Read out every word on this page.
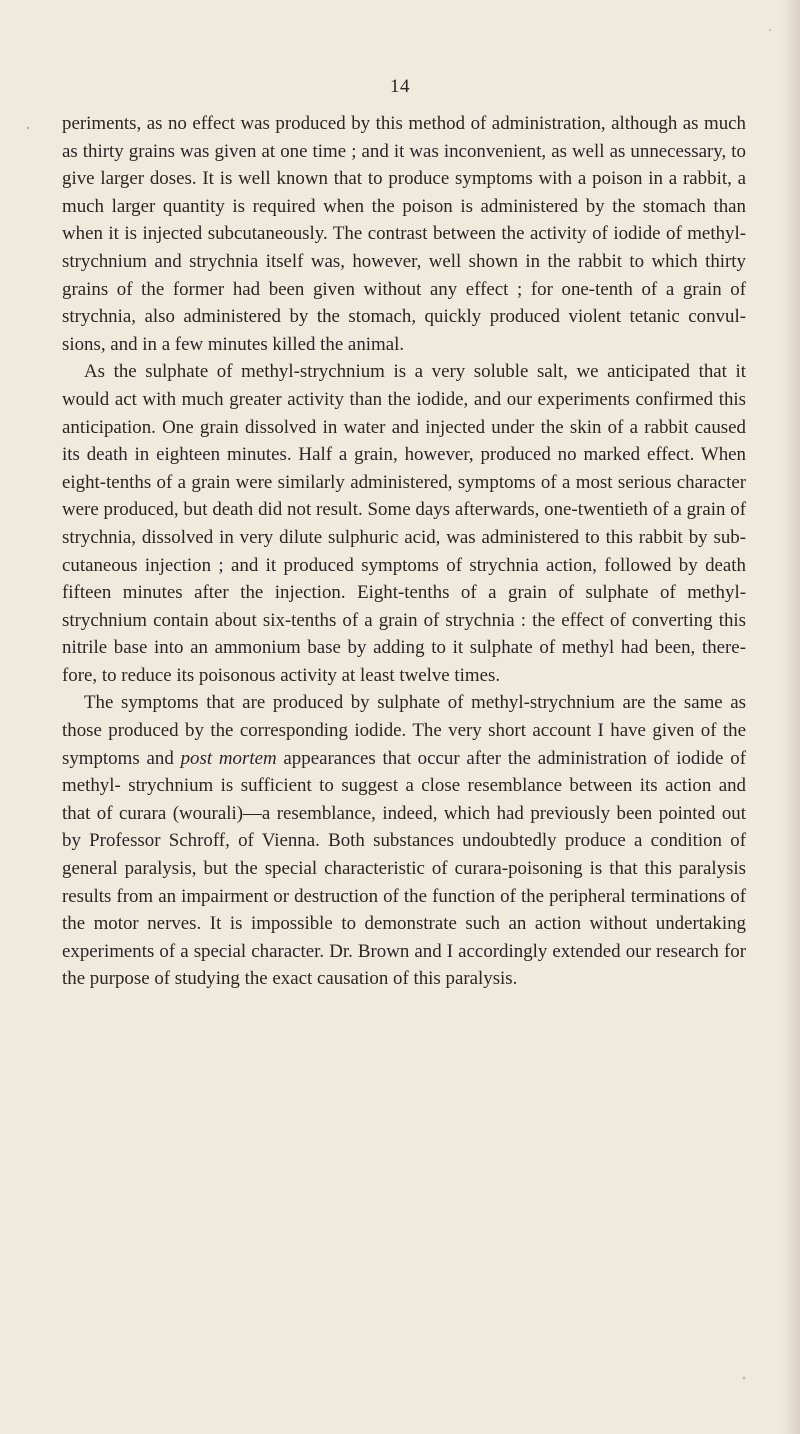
14

periments, as no effect was produced by this method of administration, although as much as thirty grains was given at one time ; and it was inconvenient, as well as unnecessary, to give larger doses. It is well known that to produce symptoms with a poison in a rabbit, a much larger quantity is required when the poison is administered by the stomach than when it is injected subcutaneously. The contrast between the activity of iodide of methyl-strychnium and strychnia itself was, however, well shown in the rabbit to which thirty grains of the former had been given without any effect ; for one-tenth of a grain of strychnia, also administered by the stomach, quickly produced violent tetanic convul- sions, and in a few minutes killed the animal.

As the sulphate of methyl-strychnium is a very soluble salt, we anticipated that it would act with much greater activity than the iodide, and our experiments confirmed this anticipation. One grain dissolved in water and injected under the skin of a rabbit caused its death in eighteen minutes. Half a grain, however, produced no marked effect. When eight-tenths of a grain were similarly administered, symptoms of a most serious character were produced, but death did not result. Some days afterwards, one-twentieth of a grain of strychnia, dissolved in very dilute sulphuric acid, was administered to this rabbit by sub- cutaneous injection ; and it produced symptoms of strychnia action, followed by death fifteen minutes after the injection. Eight-tenths of a grain of sulphate of methyl-strychnium contain about six-tenths of a grain of strychnia : the effect of converting this nitrile base into an ammonium base by adding to it sulphate of methyl had been, there- fore, to reduce its poisonous activity at least twelve times.

The symptoms that are produced by sulphate of methyl-strychnium are the same as those produced by the corresponding iodide. The very short account I have given of the symptoms and post mortem appearances that occur after the administration of iodide of methyl- strychnium is sufficient to suggest a close resemblance between its action and that of curara (wourali)—a resemblance, indeed, which had previously been pointed out by Professor Schroff, of Vienna. Both substances undoubtedly produce a condition of general paralysis, but the special characteristic of curara-poisoning is that this paralysis results from an impairment or destruction of the function of the peripheral terminations of the motor nerves. It is impossible to demonstrate such an action without undertaking experiments of a special character. Dr. Brown and I accordingly extended our research for the purpose of studying the exact causation of this paralysis.
